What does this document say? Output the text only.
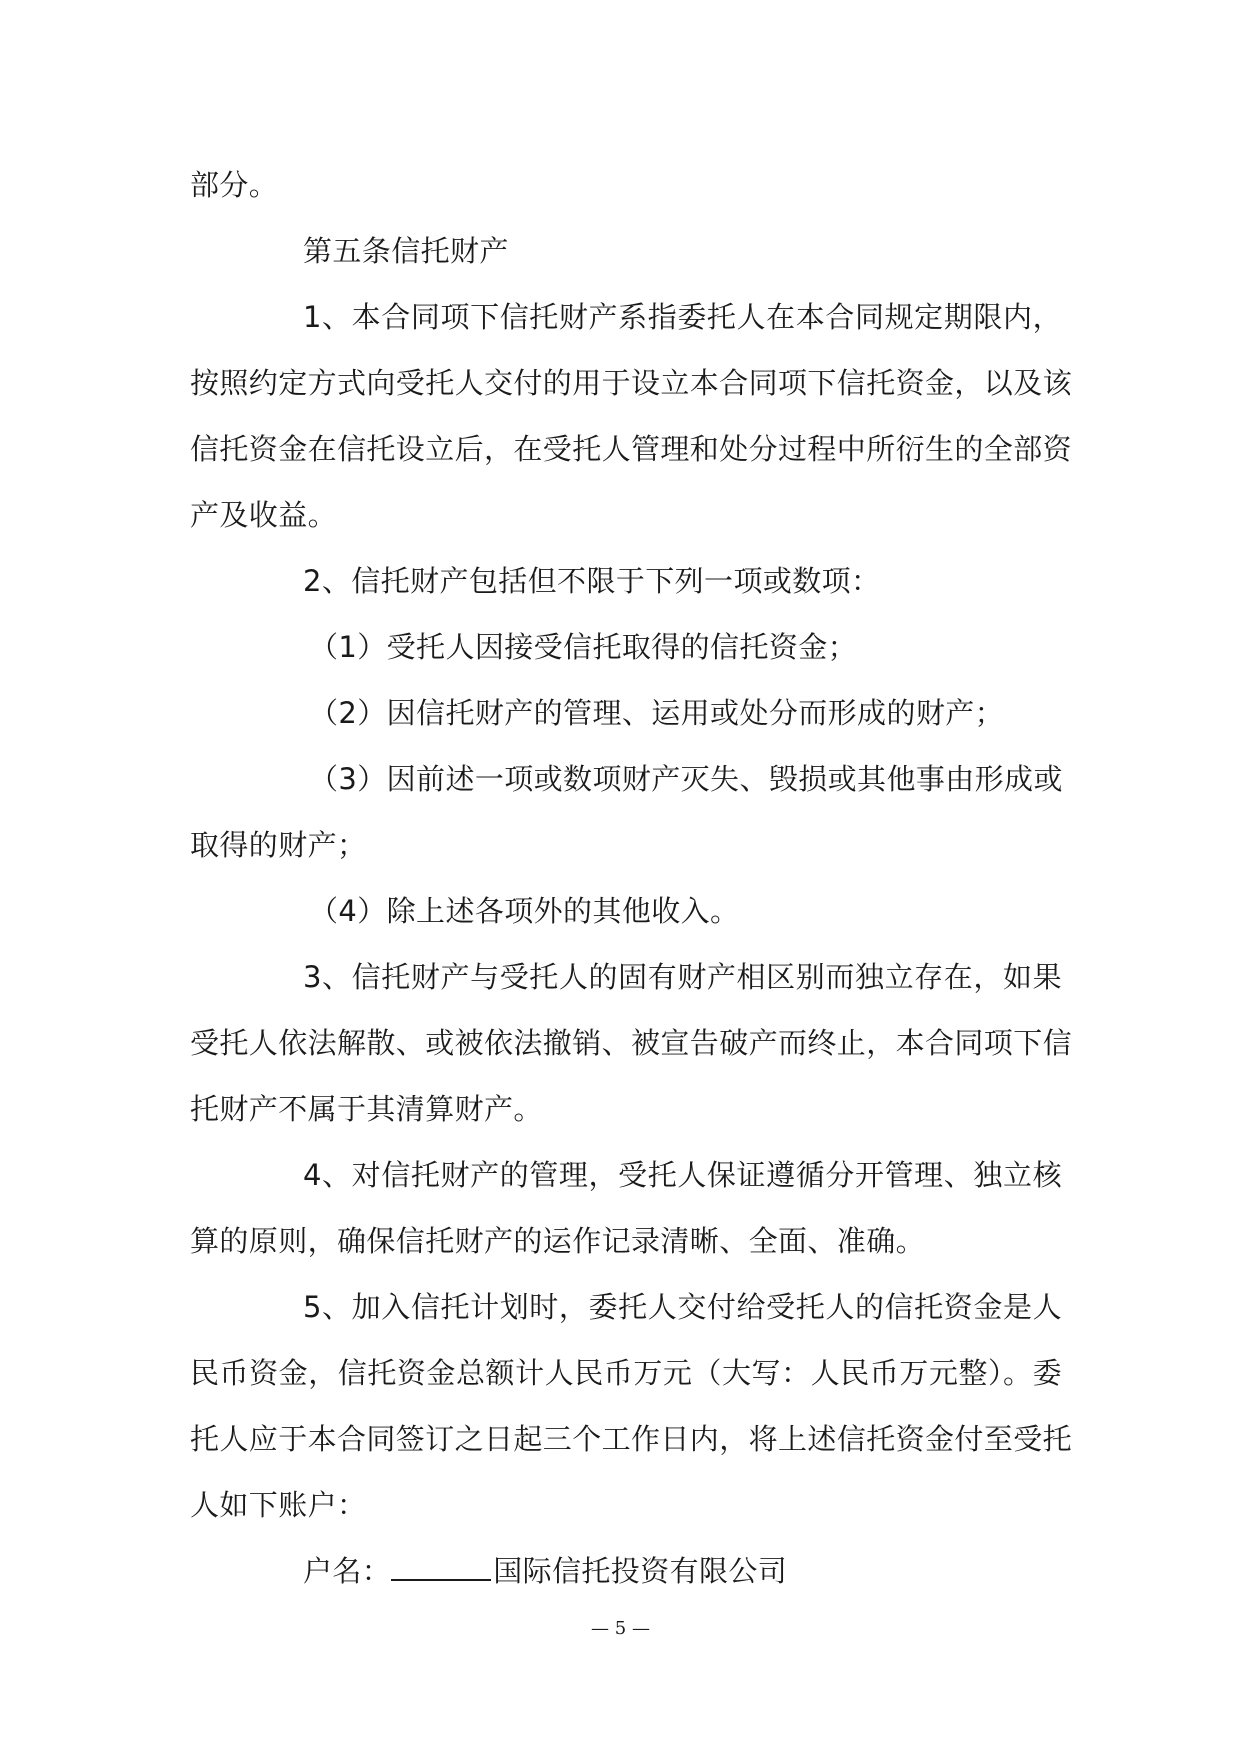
部分。
第五条信托财产
1、本合同项下信托财产系指委托人在本合同规定期限内，
按照约定方式向受托人交付的用于设立本合同项下信托资金，以及该
信托资金在信托设立后，在受托人管理和处分过程中所衍生的全部资
产及收益。
2、信托财产包括但不限于下列一项或数项：
（1）受托人因接受信托取得的信托资金；
（2）因信托财产的管理、运用或处分而形成的财产；
（3）因前述一项或数项财产灭失、毁损或其他事由形成或
取得的财产；
（4）除上述各项外的其他收入。
3、信托财产与受托人的固有财产相区别而独立存在，如果
受托人依法解散、或被依法撤销、被宣告破产而终止，本合同项下信
托财产不属于其清算财产。
4、对信托财产的管理，受托人保证遵循分开管理、独立核
算的原则，确保信托财产的运作记录清晰、全面、准确。
5、加入信托计划时，委托人交付给受托人的信托资金是人
民币资金，信托资金总额计人民币万元（大写：人民币万元整）。委
托人应于本合同签订之日起三个工作日内，将上述信托资金付至受托
人如下账户：
户名：	国际信托投资有限公司
— 5 —
